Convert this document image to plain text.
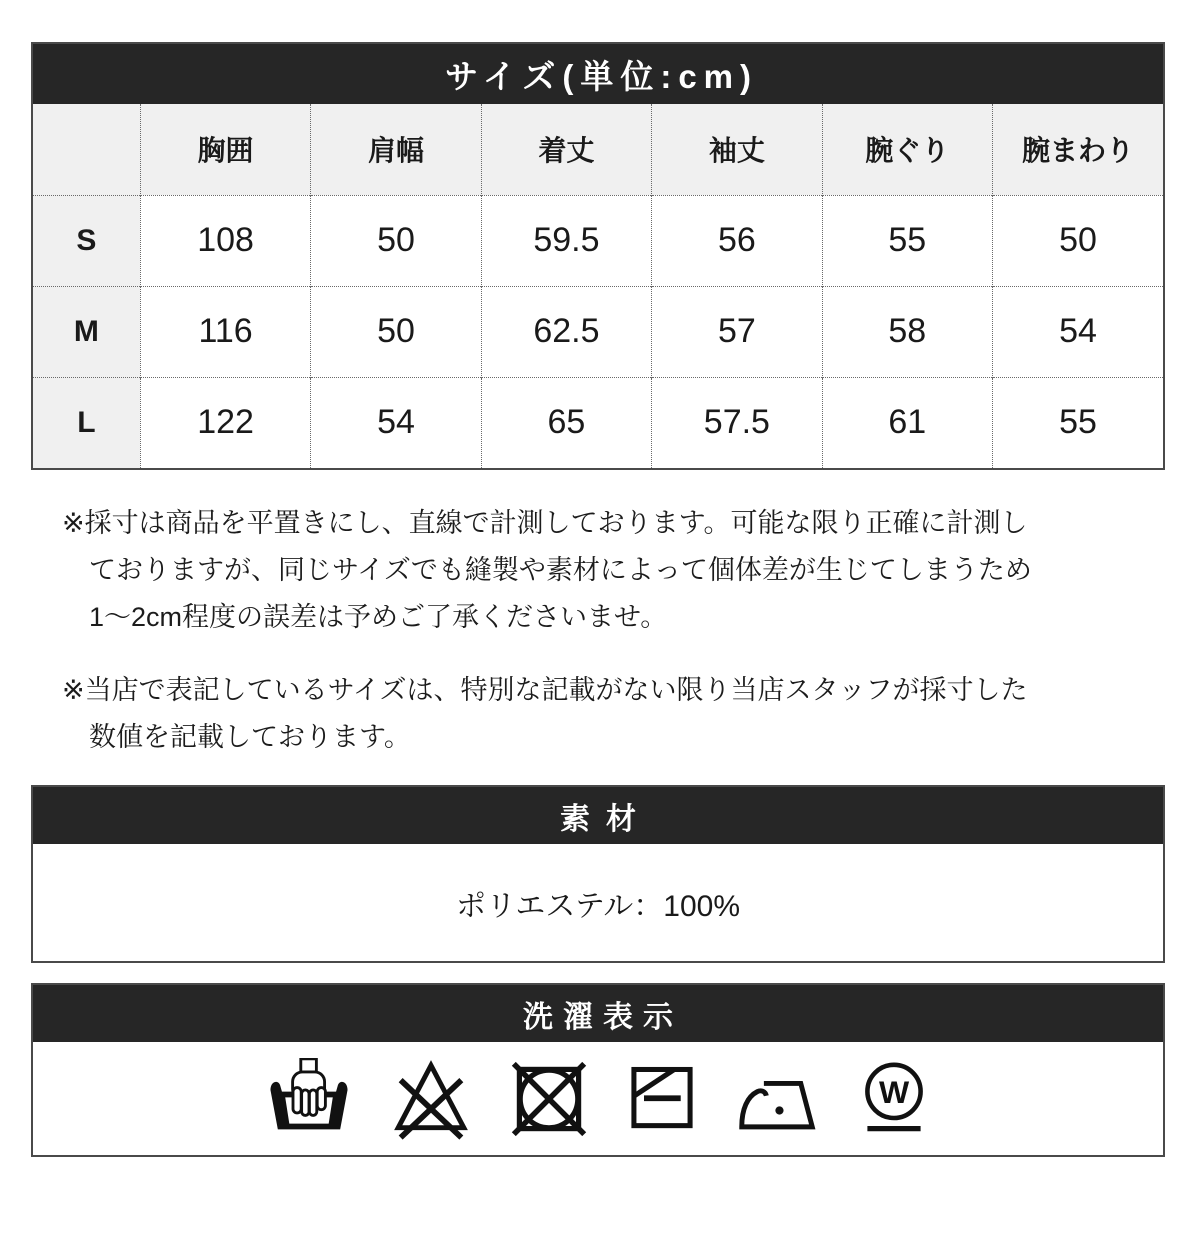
サイズ(単位:cm)
	胸囲	肩幅	着丈	袖丈	腕ぐり	腕まわり
S	108	50	59.5	56	55	50
M	116	50	62.5	57	58	54
L	122	54	65	57.5	61	55
※採寸は商品を平置きにし、直線で計測しております。可能な限り正確に計測し
ておりますが、同じサイズでも縫製や素材によって個体差が生じてしまうため
1〜2cm程度の誤差は予めご了承くださいませ。
※当店で表記しているサイズは、特別な記載がない限り当店スタッフが採寸した
数値を記載しております。
素材
ポリエステル：100%
洗濯表示
W
